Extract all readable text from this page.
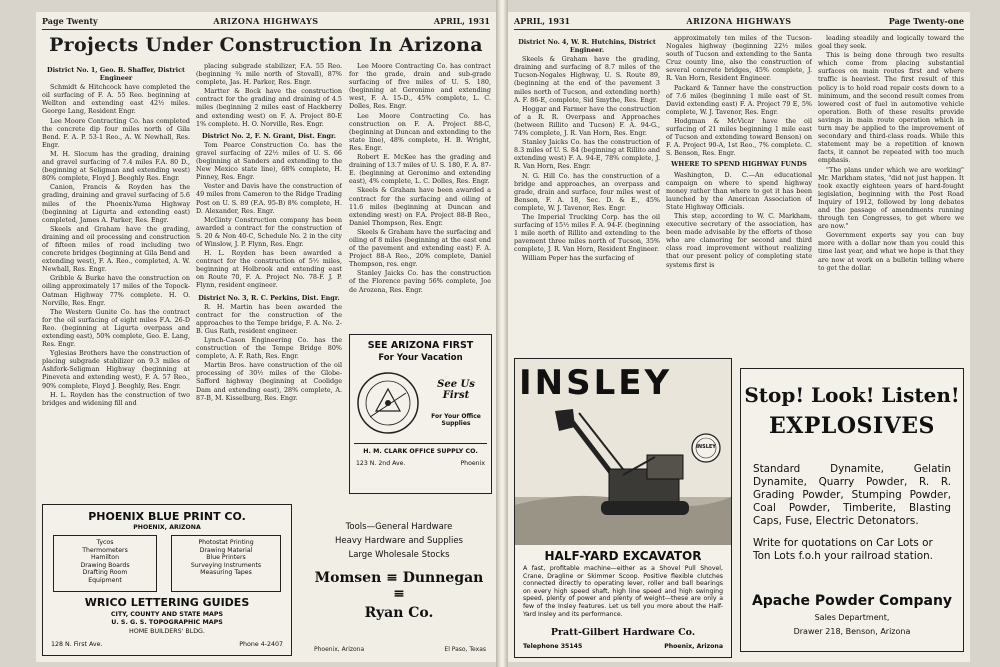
Page Twenty	ARIZONA HIGHWAYS	APRIL, 1931
Projects Under Construction In Arizona

District No. 1, Geo. B. Shaffer, District Engineer

Schmidt & Hitchcock have completed the oil surfacing of F. A. 55 Reo. beginning at Wellton and extending east 42½ miles. George Lang, Resident Engr.

Lee Moore Contracting Co. has completed the concrete dip four miles north of Gila Bend. F. A. P. 53-1 Reo., A. W. Newhall, Res. Engr.

M. H. Slocum has the grading, draining and gravel surfacing of 7.4 miles F.A. 80 D., (beginning at Seligman and extending west) 80% complete, Floyd J. Beeghly Res. Engr.

Canion, Francis & Royden has the grading, draining and gravel surfacing of 5.6 miles of the Phoenix-Yuma Highway (beginning at Ligurta and extending east) completed, James A. Parker, Res. Engr.

Skeels and Graham have the grading, draining and oil processing and construction of fifteen miles of road including two concrete bridges (beginning at Gila Bend and extending west), F. A. Reo., completed, A. W. Newhall, Res. Engr.

Gribble & Burke have the construction on oiling approximately 17 miles of the Topock-Oatman Highway 77% complete. H. O. Norville, Res. Engr.

The Western Gunite Co. has the contract for the oil surfacing of eight miles F.A. 26-D Reo. (beginning at Ligurta overpass and extending east), 50% complete, Geo. E. Lang, Res. Engr.

Yglesias Brothers have the construction of placing subgrade stabilizer on 9.3 miles of Ashfork-Seligman Highway (beginning at Pineveta and extending west), F. A. 57 Reo., 90% complete, Floyd J. Beeghly, Res. Engr.

H. L. Royden has the construction of two bridges and widening fill and

placing subgrade stabilizer, F.A. 55 Reo. (beginning ¾ mile north of Stovall), 87% complete, Jas. H. Parker, Res. Engr.

Martter & Bock have the construction contract for the grading and draining of 4.5 miles (beginning 2 miles east of Hackberry and extending west) on F. A. Project 80-E 1% complete. H. O. Norville, Res. Engr.

District No. 2, F. N. Grant, Dist. Engr.

Tom Pearce Construction Co. has the gravel surfacing of 22½ miles of U. S. 66 (beginning at Sanders and extending to the New Mexico state line), 68% complete, H. Pinney, Res. Engr.

Vester and Davis have the construction of 49 miles from Cameron to the Ridge Trading Post on U. S. 89 (F.A. 95-B) 8% complete, H. D. Alexander, Res. Engr.

McGinty Construction company has been awarded a contract for the construction of S. 20 & Non 40-C, Schedule No. 2 in the city of Winslow, J. P. Flynn, Res. Engr.

H. L. Royden has been awarded a contract for the construction of 5½ miles, beginning at Holbrook and extending east on Route 70, F. A. Project No. 78-F. J. P. Flynn, resident engineer.

District No. 3, R. C. Perkins, Dist. Engr.

R. H. Martin has been awarded the contract for the construction of the approaches to the Tempe bridge, F. A. No. 2-B. Gus Rath, resident engineer.

Lynch-Cason Engineering Co. has the construction of the Tempe Bridge 80% complete, A. F. Rath, Res. Engr.

Martin Bros. have construction of the oil processing of 30½ miles of the Globe-Safford highway (beginning at Coolidge Dam and extending east), 28% complete, A. 87-B, M. Kisselburg, Res. Engr.

Lee Moore Contracting Co. has contract for the grade, drain and sub-grade surfacing of five miles of U. S. 180, (beginning at Geronimo and extending west, F. A. 15-D., 45% complete, L. C. Dolles, Res. Engr.

Lee Moore Contracting Co. has construction on F. A. Project 88-C, (beginning at Duncan and extending to the state line), 48% complete, H. B. Wright, Res. Engr.

Robert E. McKee has the grading and draining of 13.7 miles of U. S. 180, F. A. 87-E. (beginning at Geronimo and extending east), 4% complete, L. C. Dolles, Res. Engr.

Skeels & Graham have been awarded a contract for the surfacing and oiling of 11.6 miles (beginning at Duncan and extending west) on F.A. Project 88-B Reo., Daniel Thompson, Res. Engr.

Skeels & Graham have the surfacing and oiling of 8 miles (beginning at the east end of the pavement and extending east) F. A. Project 88-A Reo., 20% complete, Daniel Thompson, res. engr.

Stanley Jaicks Co. has the construction of the Florence paving 56% complete, Joe de Arozena, Res. Engr.

SEE ARIZONA FIRST
For Your Vacation
See Us
First
For Your Office
Supplies
H. M. CLARK OFFICE SUPPLY CO.
123 N. 2nd Ave.	Phoenix
PHOENIX BLUE PRINT CO.
PHOENIX, ARIZONA
Tycos
Thermometers
Hamilton
Drawing Boards
Drafting Room
Equipment
Photostat Printing
Drawing Material
Blue Printers
Surveying Instruments
Measuring Tapes
WRICO LETTERING GUIDES
CITY, COUNTY AND STATE MAPS
U. S. G. S. TOPOGRAPHIC MAPS
HOME BUILDERS' BLDG.
128 N. First Ave.	Phone 4-2407
Tools—General Hardware
Heavy Hardware and Supplies
Large Wholesale Stocks
Momsen ≡ Dunnegan ≡
Ryan Co.
Phoenix, Arizona	El Paso, Texas
APRIL, 1931	ARIZONA HIGHWAYS	Page Twenty-one

District No. 4, W. R. Hutchins, District Engineer.

Skeels & Graham have the grading, draining and surfacing of 8.7 miles of the Tucson-Nogales Highway, U. S. Route 89, (beginning at the end of the pavement 3 miles north of Tucson, and extending north) A. F. 86-E, complete, Sid Smythe, Res. Engr.

Hoggar and Farmer have the construction of a R. R. Overpass and Approaches (between Rillito and Tucson) F. A. 94-G., 74% complete, J. R. Van Horn, Res. Engr.

Stanley Jaicks Co. has the construction of 8.3 miles of U. S. 84 (beginning at Rillito and extending west) F. A. 94-E, 78% complete, J. R. Van Horn, Res. Engr.

N. G. Hill Co. has the construction of a bridge and approaches, an overpass and grade, drain and surface, four miles west of Benson, F. A. 18, Sec. D. & E., 45% complete, W. J. Tavenor, Res. Engr.

The Imperial Trucking Corp. has the oil surfacing of 15½ miles F. A. 94-F. (beginning 1 mile north of Rillito and extending to the pavement three miles north of Tucson, 35% complete, J. R. Van Horn, Resident Engineer.

William Peper has the surfacing of

approximately ten miles of the Tucson-Nogales highway (beginning 22½ miles south of Tucson and extending to the Santa Cruz county line, also the construction of several concrete bridges, 45% complete, J. R. Van Horn, Resident Engineer.

Packard & Tanner have the construction of 7.6 miles (beginning 1 mile east of St. David extending east) F. A. Project 79 E, 5% complete, W. J. Tavenor, Res. Engr.

Hodgman & McVicar have the oil surfacing of 21 miles beginning 1 mile east of Tucson and extending toward Benson) on F. A. Project 90-A, 1st Reo., 7% complete. C. S. Benson, Res. Engr.

WHERE TO SPEND HIGHWAY FUNDS

Washington, D. C.—An educational campaign on where to spend highway money rather than where to get it has been launched by the American Association of State Highway Officials.

This step, according to W. C. Markham, executive secretary of the association, has been made advisable by the efforts of those who are clamoring for second and third class road improvement without realizing that our present policy of completing state systems first is

leading steadily and logically toward the goal they seek.

This is being done through two results which come from placing substantial surfaces on main routes first and where traffic is heaviest. The first result of this policy is to hold road repair costs down to a minimum, and the second result comes from lowered cost of fuel in automotive vehicle operation. Both of these results provide savings in main route operation which in turn may be applied to the improvement of secondary and third-class roads. While this statement may be a repetition of known facts, it cannot be repeated with too much emphasis.

"The plans under which we are working" Mr. Markham states, "did not just happen. It took exactly eighteen years of hard-fought legislation, beginning with the Post Road Inquiry of 1912, followed by long debates and the passage of amendments running through ten Congresses, to get where we are now."

Government experts say you can buy more with a dollar now than you could this time last year, and what we hope is that they are now at work on a bulletin telling where to get the dollar.

INSLEY
INSLEY
HALF-YARD EXCAVATOR
A fast, profitable machine—either as a Shovel Pull Shovel, Crane, Dragline or Skimmer Scoop. Positive flexible clutches connected directly to operating lever, roller and ball bearings on every high speed shaft, high line speed and high swinging speed, plenty of power and plenty of weight—these are only a few of the Insley features. Let us tell you more about the Half-Yard Insley and its performance.
Pratt-Gilbert Hardware Co.
Telephone 35145	Phoenix, Arizona
Stop! Look! Listen!
EXPLOSIVES
Standard Dynamite, Gelatin Dynamite, Quarry Powder, R. R. Grading Powder, Stumping Powder, Coal Powder, Timberite, Blasting Caps, Fuse, Electric Detonators.
Write for quotations on Car Lots or Ton Lots f.o.h your railroad station.
Apache Powder Company
Sales Department,
Drawer 218, Benson, Arizona
